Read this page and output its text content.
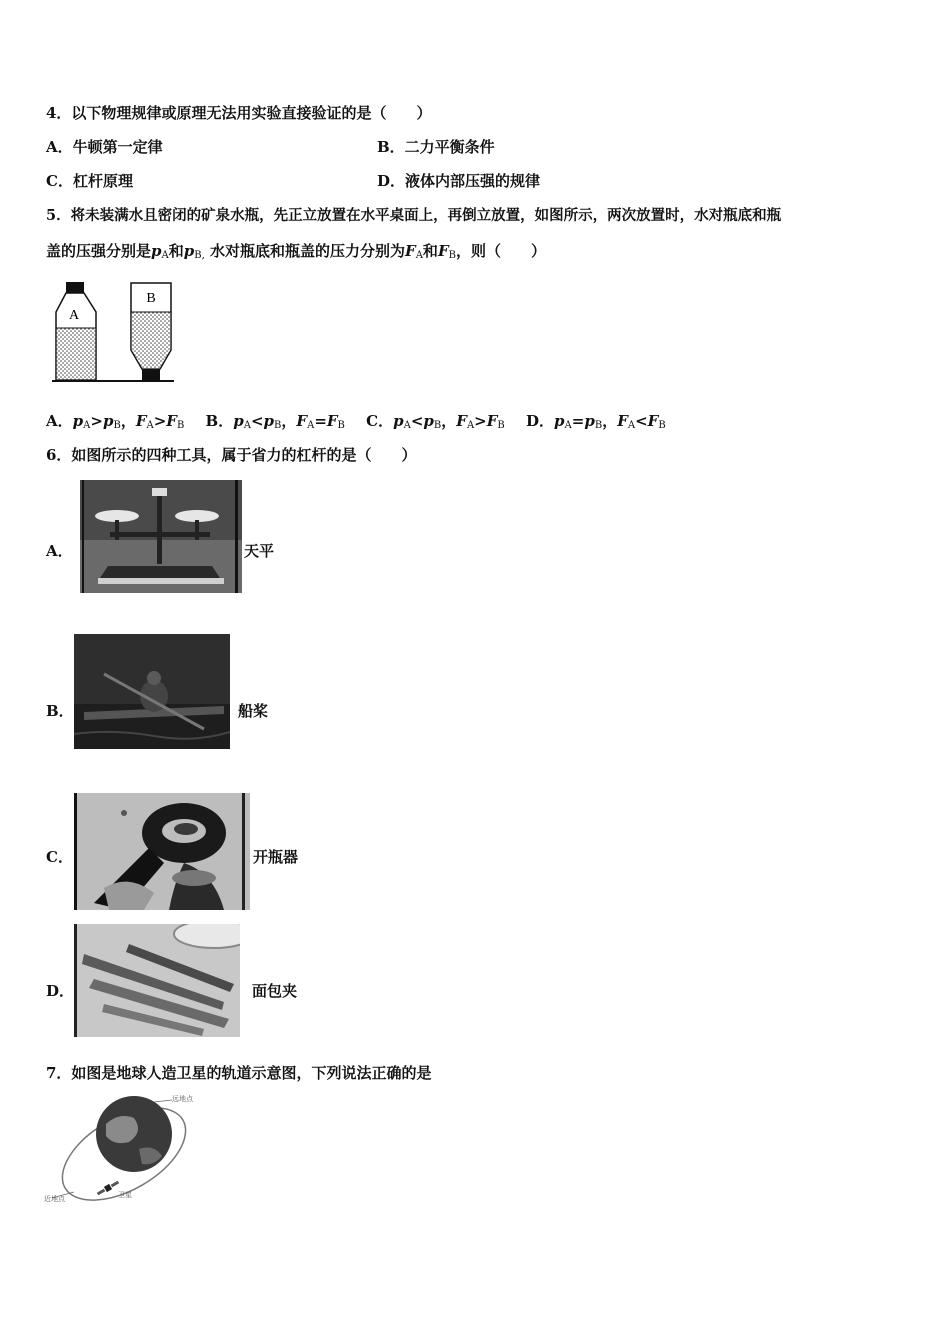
4．以下物理规律或原理无法用实验直接验证的是（　　）
A．牛顿第一定律	B．二力平衡条件
C．杠杆原理	D．液体内部压强的规律
5．将未装满水且密闭的矿泉水瓶，先正立放置在水平桌面上，再倒立放置，如图所示，两次放置时，水对瓶底和瓶
盖的压强分别是$p_A$和$p_{B,}$ 水对瓶底和瓶盖的压力分别为$F_A$和$F_B$，则（　　）
A
B
A．$p_A>p_B$，$F_A>F_B$ B．$p_A<p_B$，$F_A=F_B$ C．$p_A<p_B$，$F_A>F_B$ D．$p_A=p_B$，$F_A<F_B$
6．如图所示的四种工具，属于省力的杠杆的是（　　）
A．	天平
B．	船桨
C．	开瓶器
D．	面包夹
7．如图是地球人造卫星的轨道示意图，下列说法正确的是
远地点
近地点	卫星
